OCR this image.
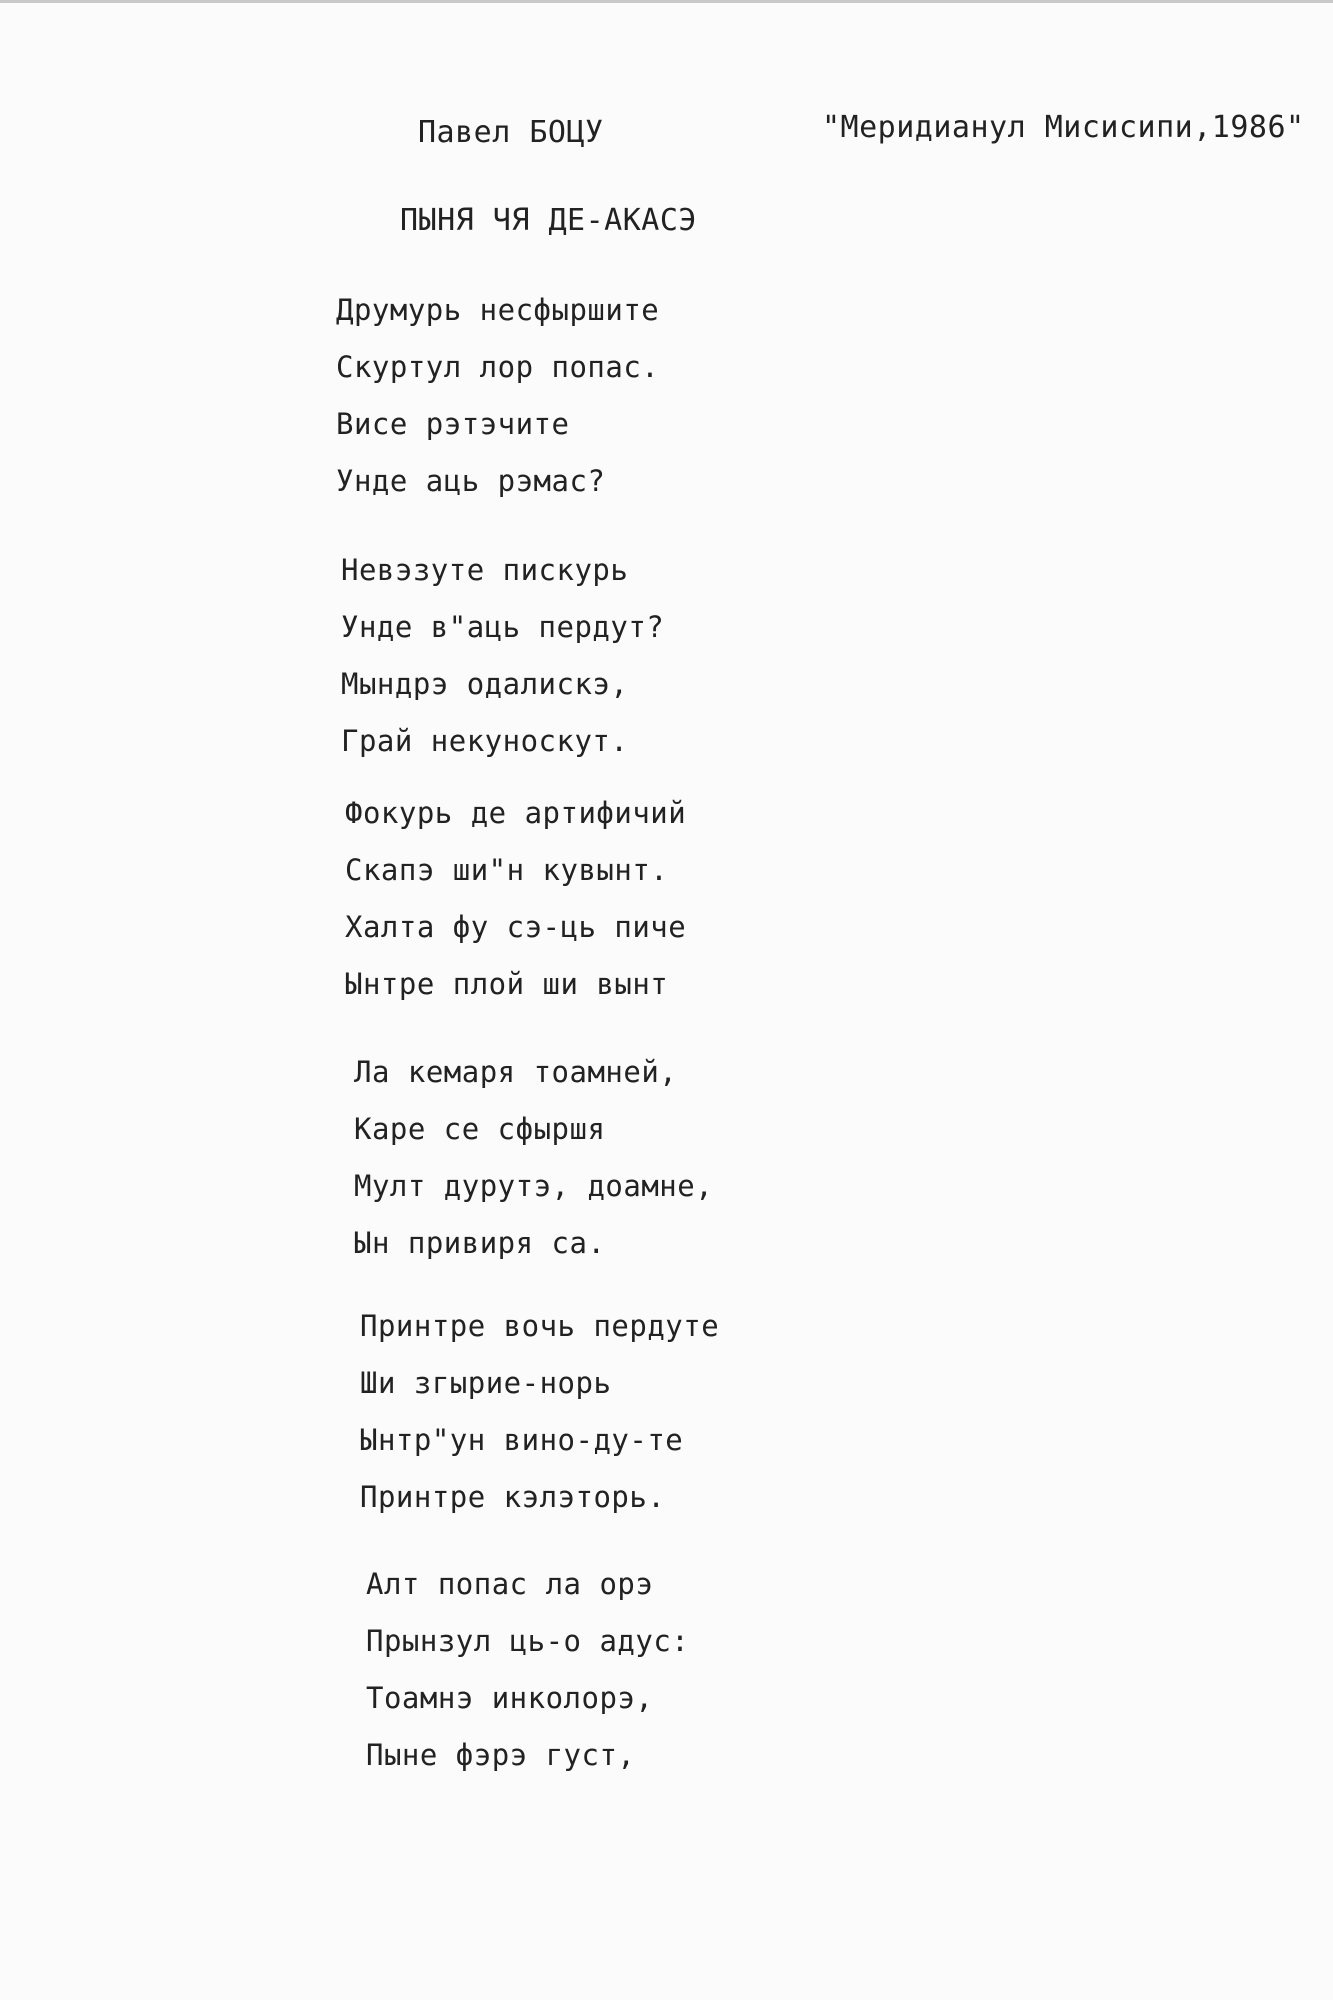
Павел БОЦУ	"Меридианул Мисисипи,1986"
ПЫНЯ ЧЯ ДЕ-АКАСЭ
Друмурь несфыршите
Скуртул лор попас.
Висе рэтэчите
Унде аць рэмас?
Невэзуте пискурь
Унде в"аць пердут?
Мындрэ одалискэ,
Грай некуноскут.
Фокурь де артифичий
Скапэ ши"н кувынт.
Халта фу сэ-ць пиче
Ынтре плой ши вынт
Ла кемаря тоамней,
Каре се сфыршя
Мулт дурутэ, доамне,
Ын привиря са.
Принтре вочь пердуте
Ши згырие-норь
Ынтр"ун вино-ду-те
Принтре кэлэторь.
Алт попас ла орэ
Прынзул ць-о адус:
Тоамнэ инколорэ,
Пыне фэрэ густ,
